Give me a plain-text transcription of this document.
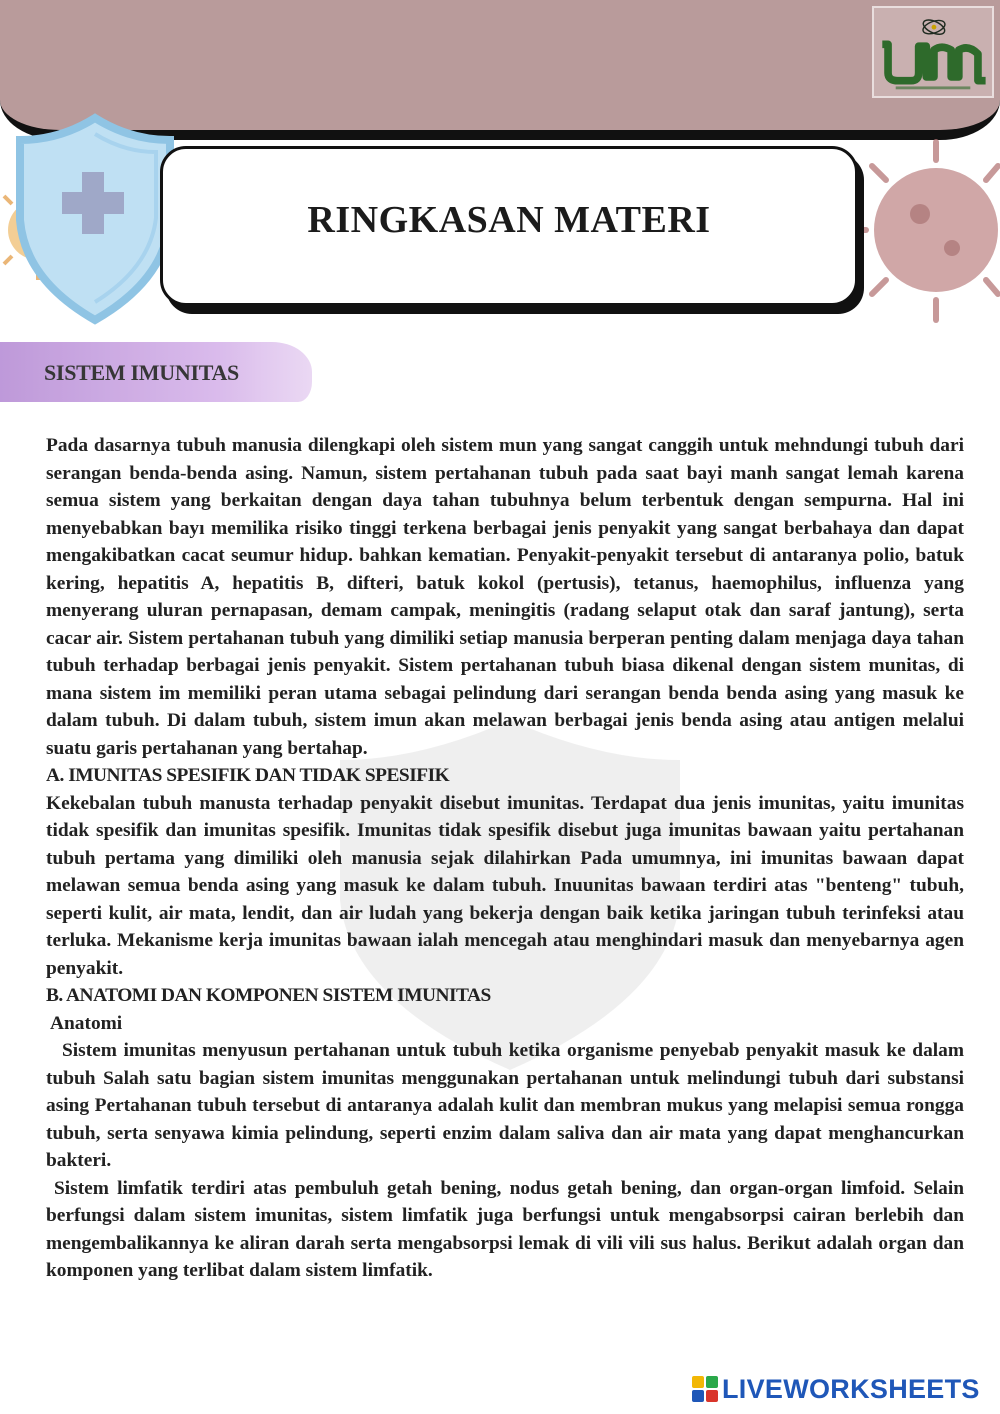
RINGKASAN MATERI
SISTEM IMUNITAS

Pada dasarnya tubuh manusia dilengkapi oleh sistem mun yang sangat canggih untuk mehndungi tubuh dari serangan benda-benda asing. Namun, sistem pertahanan tubuh pada saat bayi manh sangat lemah karena semua sistem yang berkaitan dengan daya tahan tubuhnya belum terbentuk dengan sempurna. Hal ini menyebabkan bayı memilika risiko tinggi terkena berbagai jenis penyakit yang sangat berbahaya dan dapat mengakibatkan cacat seumur hidup. bahkan kematian. Penyakit-penyakit tersebut di antaranya polio, batuk kering, hepatitis A, hepatitis B, difteri, batuk kokol (pertusis), tetanus, haemophilus, influenza yang menyerang uluran pernapasan, demam campak, meningitis (radang selaput otak dan saraf jantung), serta cacar air. Sistem pertahanan tubuh yang dimiliki setiap manusia berperan penting dalam menjaga daya tahan tubuh terhadap berbagai jenis penyakit. Sistem pertahanan tubuh biasa dikenal dengan sistem munitas, di mana sistem im memiliki peran utama sebagai pelindung dari serangan benda benda asing yang masuk ke dalam tubuh. Di dalam tubuh, sistem imun akan melawan berbagai jenis benda asing atau antigen melalui suatu garis pertahanan yang bertahap.

A. IMUNITAS SPESIFIK DAN TIDAK SPESIFIK

Kekebalan tubuh manusta terhadap penyakit disebut imunitas. Terdapat dua jenis imunitas, yaitu imunitas tidak spesifik dan imunitas spesifik. Imunitas tidak spesifik disebut juga imunitas bawaan yaitu pertahanan tubuh pertama yang dimiliki oleh manusia sejak dilahirkan Pada umumnya, ini imunitas bawaan dapat melawan semua benda asing yang masuk ke dalam tubuh. Inuunitas bawaan terdiri atas "benteng" tubuh, seperti kulit, air mata, lendit, dan air ludah yang bekerja dengan baik ketika jaringan tubuh terinfeksi atau terluka. Mekanisme kerja imunitas bawaan ialah mencegah atau menghindari masuk dan menyebarnya agen penyakit.

B. ANATOMI DAN KOMPONEN SISTEM IMUNITAS

Anatomi

Sistem imunitas menyusun pertahanan untuk tubuh ketika organisme penyebab penyakit masuk ke dalam tubuh Salah satu bagian sistem imunitas menggunakan pertahanan untuk melindungi tubuh dari substansi asing Pertahanan tubuh tersebut di antaranya adalah kulit dan membran mukus yang melapisi semua rongga tubuh, serta senyawa kimia pelindung, seperti enzim dalam saliva dan air mata yang dapat menghancurkan bakteri.

Sistem limfatik terdiri atas pembuluh getah bening, nodus getah bening, dan organ-organ limfoid. Selain berfungsi dalam sistem imunitas, sistem limfatik juga berfungsi untuk mengabsorpsi cairan berlebih dan mengembalikannya ke aliran darah serta mengabsorpsi lemak di vili vili sus halus. Berikut adalah organ dan komponen yang terlibat dalam sistem limfatik.

LIVEWORKSHEETS
